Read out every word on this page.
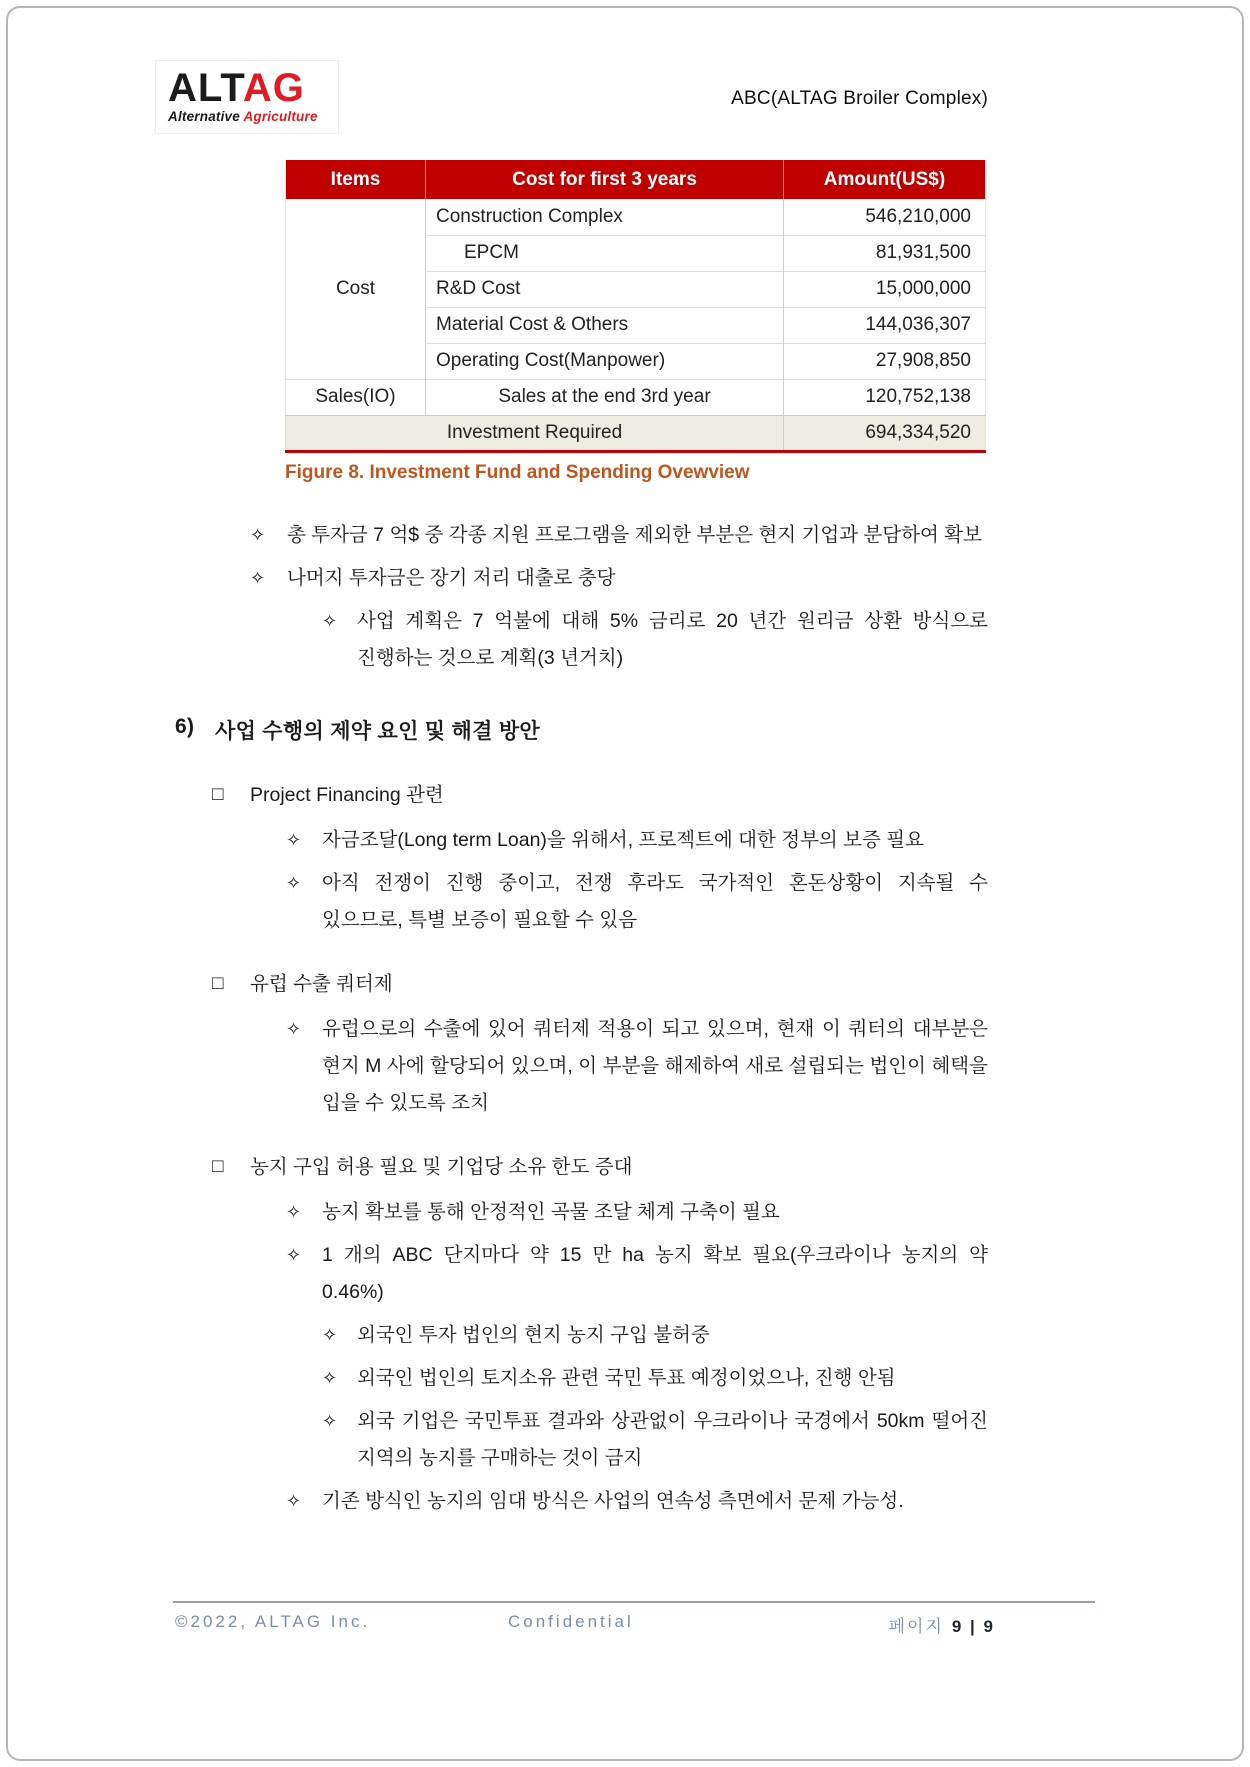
ALTAG
Alternative Agriculture
ABC(ALTAG Broiler Complex)
Items	Cost for first 3 years	Amount(US$)
Cost	Construction Complex	546,210,000
	EPCM	81,931,500
	R&D Cost	15,000,000
	Material Cost & Others	144,036,307
	Operating Cost(Manpower)	27,908,850
Sales(IO)	Sales at the end 3rd year	120,752,138
Investment Required		694,334,520
Figure 8. Investment Fund and Spending Ovewview
✧	총 투자금 7 억$ 중 각종 지원 프로그램을 제외한 부분은 현지 기업과 분담하여 확보
✧	나머지 투자금은 장기 저리 대출로 충당
✧	사업 계획은 7 억불에 대해 5% 금리로 20 년간 원리금 상환 방식으로 진행하는 것으로 계획(3 년거치)
6) 사업 수행의 제약 요인 및 해결 방안
□	Project Financing 관련
✧	자금조달(Long term Loan)을 위해서, 프로젝트에 대한 정부의 보증 필요
✧	아직 전쟁이 진행 중이고, 전쟁 후라도 국가적인 혼돈상황이 지속될 수 있으므로, 특별 보증이 필요할 수 있음
□	유럽 수출 쿼터제
✧	유럽으로의 수출에 있어 쿼터제 적용이 되고 있으며, 현재 이 쿼터의 대부분은 현지 M 사에 할당되어 있으며, 이 부분을 해제하여 새로 설립되는 법인이 혜택을 입을 수 있도록 조치
□	농지 구입 허용 필요 및 기업당 소유 한도 증대
✧	농지 확보를 통해 안정적인 곡물 조달 체계 구축이 필요
✧	1 개의 ABC 단지마다 약 15 만 ha 농지 확보 필요(우크라이나 농지의 약 0.46%)
✧	외국인 투자 법인의 현지 농지 구입 불허중
✧	외국인 법인의 토지소유 관련 국민 투표 예정이었으나, 진행 안됨
✧	외국 기업은 국민투표 결과와 상관없이 우크라이나 국경에서 50km 떨어진 지역의 농지를 구매하는 것이 금지
✧	기존 방식인 농지의 임대 방식은 사업의 연속성 측면에서 문제 가능성.
©2022, ALTAG Inc.	Confidential	페이지 9 | 9
